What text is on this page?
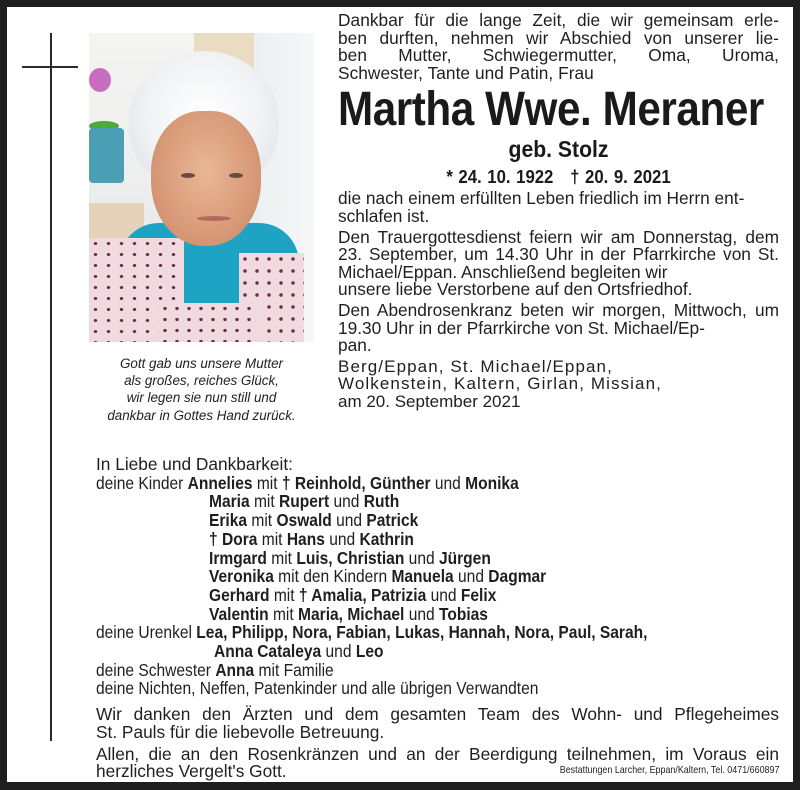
Gott gab uns unsere Mutter
als großes, reiches Glück,
wir legen sie nun still und
dankbar in Gottes Hand zurück.
Dankbar für die lange Zeit, die wir gemeinsam erle-
ben durften, nehmen wir Abschied von unserer lie-
ben Mutter, Schwiegermutter, Oma, Uroma,
Schwester, Tante und Patin, Frau
Martha Wwe. Meraner
geb. Stolz
* 24. 10. 1922 † 20. 9. 2021
die nach einem erfüllten Leben friedlich im Herrn ent-
schlafen ist.
Den Trauergottesdienst feiern wir am Donnerstag, dem 23. September, um 14.30 Uhr in der Pfarrkirche von St. Michael/Eppan. Anschließend begleiten wir
unsere liebe Verstorbene auf den Ortsfriedhof.
Den Abendrosenkranz beten wir morgen, Mittwoch, um 19.30 Uhr in der Pfarrkirche von St. Michael/Ep-
pan.
Berg/Eppan, St. Michael/Eppan,
Wolkenstein, Kaltern, Girlan, Missian,
am 20. September 2021
In Liebe und Dankbarkeit:
deine Kinder Annelies mit † Reinhold, Günther und Monika
Maria mit Rupert und Ruth
Erika mit Oswald und Patrick
† Dora mit Hans und Kathrin
Irmgard mit Luis, Christian und Jürgen
Veronika mit den Kindern Manuela und Dagmar
Gerhard mit † Amalia, Patrizia und Felix
Valentin mit Maria, Michael und Tobias
deine Urenkel Lea, Philipp, Nora, Fabian, Lukas, Hannah, Nora, Paul, Sarah,
Anna Cataleya und Leo
deine Schwester Anna mit Familie
deine Nichten, Neffen, Patenkinder und alle übrigen Verwandten
Wir danken den Ärzten und dem gesamten Team des Wohn- und Pflegeheimes
St. Pauls für die liebevolle Betreuung.
Allen, die an den Rosenkränzen und an der Beerdigung teilnehmen, im Voraus ein
herzliches Vergelt's Gott.	Bestattungen Larcher, Eppan/Kaltern, Tel. 0471/660897
